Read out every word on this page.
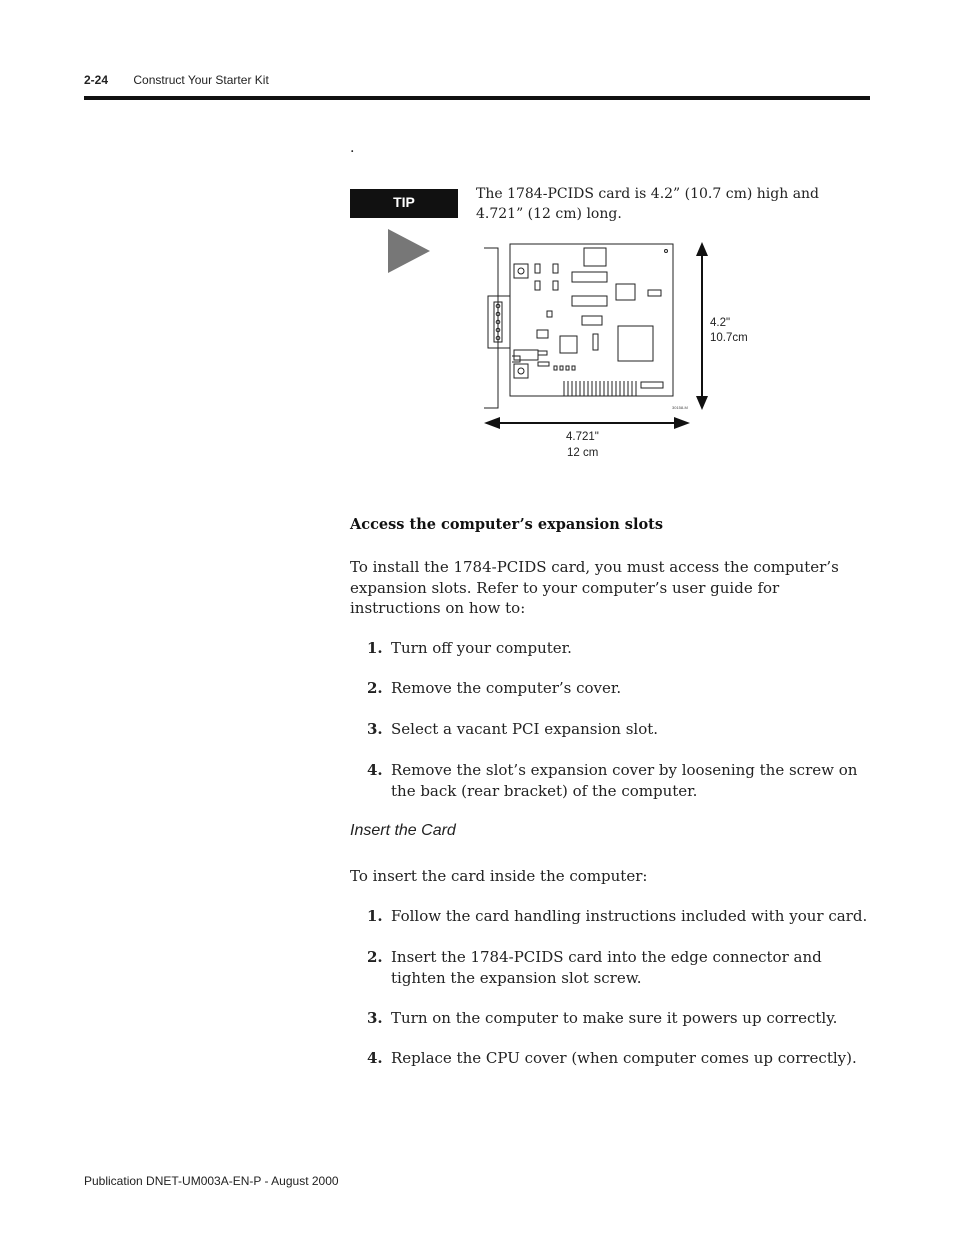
2-24 Construct Your Starter Kit
.
TIP	The 1784-PCIDS card is 4.2” (10.7 cm) high and 4.721” (12 cm) long.
4.2"
10.7cm
4.721"
12 cm
30158-M
Access the computer’s expansion slots
To install the 1784-PCIDS card, you must access the computer’s expansion slots. Refer to your computer’s user guide for instructions on how to:
1. Turn off your computer.
2. Remove the computer’s cover.
3. Select a vacant PCI expansion slot.
4. Remove the slot’s expansion cover by loosening the screw on the back (rear bracket) of the computer.
Insert the Card
To insert the card inside the computer:
1. Follow the card handling instructions included with your card.
2. Insert the 1784-PCIDS card into the edge connector and tighten the expansion slot screw.
3. Turn on the computer to make sure it powers up correctly.
4. Replace the CPU cover (when computer comes up correctly).
Publication DNET-UM003A-EN-P - August 2000
